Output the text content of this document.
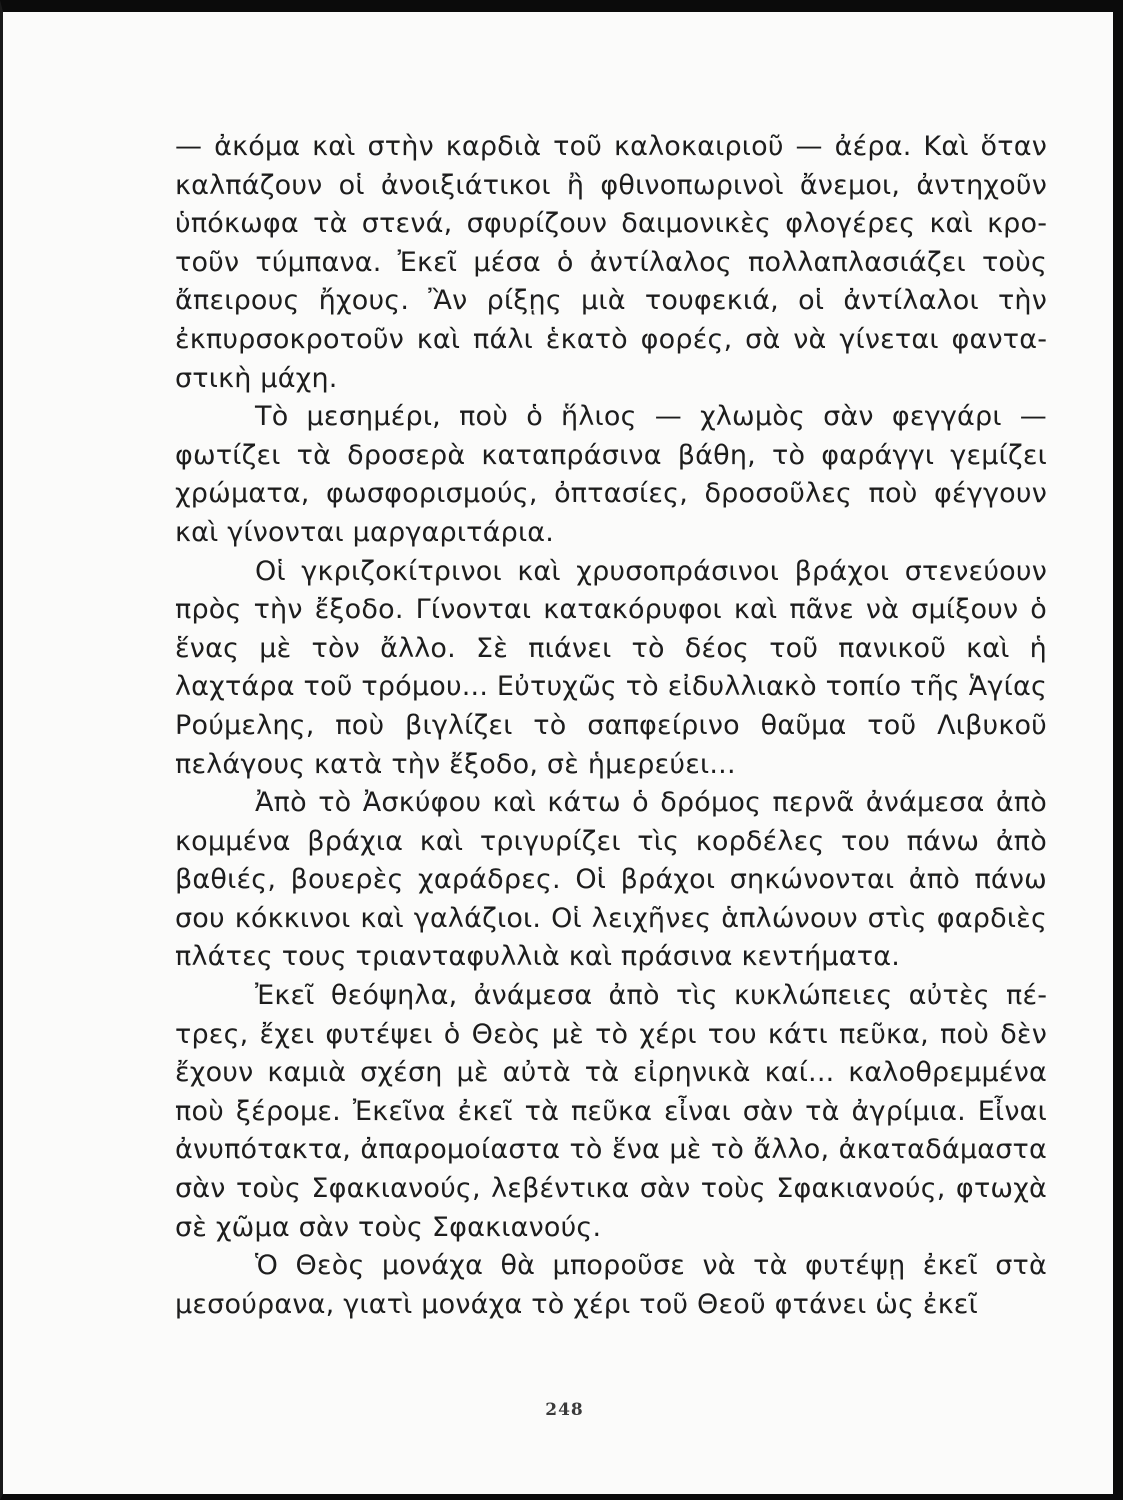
— ἀκόμα καὶ στὴν καρδιὰ τοῦ καλοκαιριοῦ — ἀέρα. Καὶ ὅταν καλπάζουν οἱ ἀνοιξιάτικοι ἢ φθινοπωρινοὶ ἄνεμοι, ἀντηχοῦν ὑπόκωφα τὰ στενά, σφυρίζουν δαιμονικὲς φλογέρες καὶ κροτοῦν τύμπανα. Ἐκεῖ μέσα ὁ ἀντίλαλος πολλαπλασιάζει τοὺς ἄπειρους ἤχους. Ἂν ρίξῃς μιὰ τουφεκιά, οἱ ἀντίλαλοι τὴν ἐκπυρσοκροτοῦν καὶ πάλι ἑκατὸ φορές, σὰ νὰ γίνεται φανταστικὴ μάχη.

Τὸ μεσημέρι, ποὺ ὁ ἥλιος — χλωμὸς σὰν φεγγάρι — φωτίζει τὰ δροσερὰ καταπράσινα βάθη, τὸ φαράγγι γεμίζει χρώματα, φωσφορισμούς, ὀπτασίες, δροσοῦλες ποὺ φέγγουν καὶ γίνονται μαργαριτάρια.

Οἱ γκριζοκίτρινοι καὶ χρυσοπράσινοι βράχοι στενεύουν πρὸς τὴν ἔξοδο. Γίνονται κατακόρυφοι καὶ πᾶνε νὰ σμίξουν ὁ ἕνας μὲ τὸν ἄλλο. Σὲ πιάνει τὸ δέος τοῦ πανικοῦ καὶ ἡ λαχτάρα τοῦ τρόμου... Εὐτυχῶς τὸ εἰδυλλιακὸ τοπίο τῆς Ἁγίας Ρούμελης, ποὺ βιγλίζει τὸ σαπφείρινο θαῦμα τοῦ Λιβυκοῦ πελάγους κατὰ τὴν ἔξοδο, σὲ ἡμερεύει...

Ἀπὸ τὸ Ἀσκύφου καὶ κάτω ὁ δρόμος περνᾶ ἀνάμεσα ἀπὸ κομμένα βράχια καὶ τριγυρίζει τὶς κορδέλες του πάνω ἀπὸ βαθιές, βουερὲς χαράδρες. Οἱ βράχοι σηκώνονται ἀπὸ πάνω σου κόκκινοι καὶ γαλάζιοι. Οἱ λειχῆνες ἁπλώνουν στὶς φαρδιὲς πλάτες τους τριανταφυλλιὰ καὶ πράσινα κεντήματα.

Ἐκεῖ θεόψηλα, ἀνάμεσα ἀπὸ τὶς κυκλώπειες αὐτὲς πέτρες, ἔχει φυτέψει ὁ Θεὸς μὲ τὸ χέρι του κάτι πεῦκα, ποὺ δὲν ἔχουν καμιὰ σχέση μὲ αὐτὰ τὰ εἰρηνικὰ καί... καλοθρεμμένα ποὺ ξέρομε. Ἐκεῖνα ἐκεῖ τὰ πεῦκα εἶναι σὰν τὰ ἀγρίμια. Εἶναι ἀνυπότακτα, ἀπαρομοίαστα τὸ ἕνα μὲ τὸ ἄλλο, ἀκαταδάμαστα σὰν τοὺς Σφακιανούς, λεβέντικα σὰν τοὺς Σφακιανούς, φτωχὰ σὲ χῶμα σὰν τοὺς Σφακιανούς.

Ὁ Θεὸς μονάχα θὰ μποροῦσε νὰ τὰ φυτέψῃ ἐκεῖ στὰ μεσούρανα, γιατὶ μονάχα τὸ χέρι τοῦ Θεοῦ φτάνει ὡς ἐκεῖ

248
